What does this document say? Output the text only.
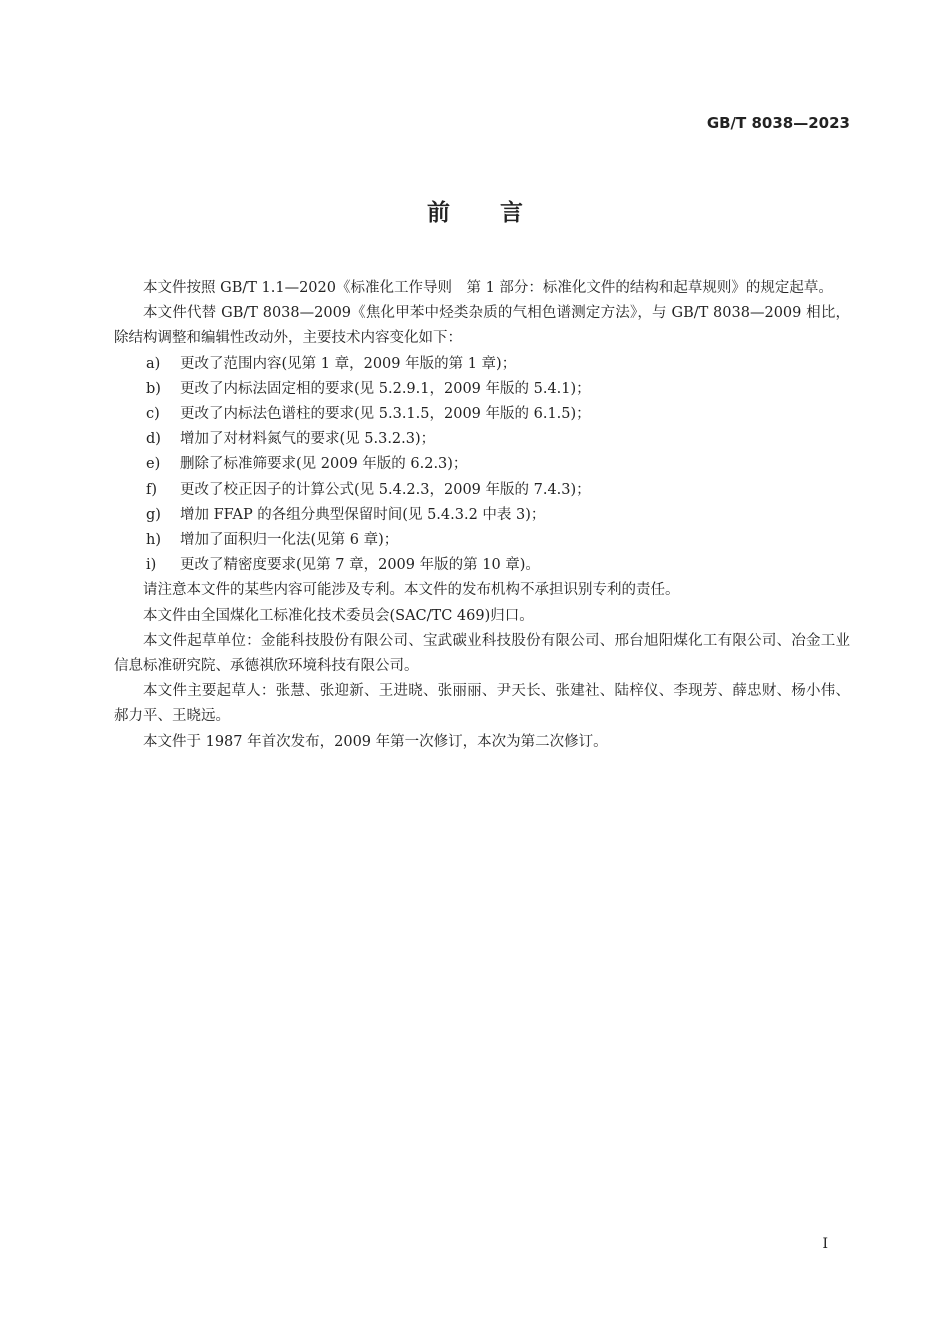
GB/T 8038—2023
前言

本文件按照 GB/T 1.1—2020《标准化工作导则　第 1 部分：标准化文件的结构和起草规则》的规定起草。

本文件代替 GB/T 8038—2009《焦化甲苯中烃类杂质的气相色谱测定方法》，与 GB/T 8038—2009 相比，除结构调整和编辑性改动外，主要技术内容变化如下：

a)	更改了范围内容(见第 1 章，2009 年版的第 1 章)；

b)	更改了内标法固定相的要求(见 5.2.9.1，2009 年版的 5.4.1)；

c)	更改了内标法色谱柱的要求(见 5.3.1.5，2009 年版的 6.1.5)；

d)	增加了对材料氮气的要求(见 5.3.2.3)；

e)	删除了标准筛要求(见 2009 年版的 6.2.3)；

f)	更改了校正因子的计算公式(见 5.4.2.3，2009 年版的 7.4.3)；

g)	增加 FFAP 的各组分典型保留时间(见 5.4.3.2 中表 3)；

h)	增加了面积归一化法(见第 6 章)；

i)	更改了精密度要求(见第 7 章，2009 年版的第 10 章)。

请注意本文件的某些内容可能涉及专利。本文件的发布机构不承担识别专利的责任。

本文件由全国煤化工标准化技术委员会(SAC/TC 469)归口。

本文件起草单位：金能科技股份有限公司、宝武碳业科技股份有限公司、邢台旭阳煤化工有限公司、冶金工业信息标准研究院、承德祺欣环境科技有限公司。

本文件主要起草人：张慧、张迎新、王进晓、张丽丽、尹天长、张建社、陆梓仪、李现芳、薛忠财、杨小伟、郝力平、王晓远。

本文件于 1987 年首次发布，2009 年第一次修订，本次为第二次修订。

I
